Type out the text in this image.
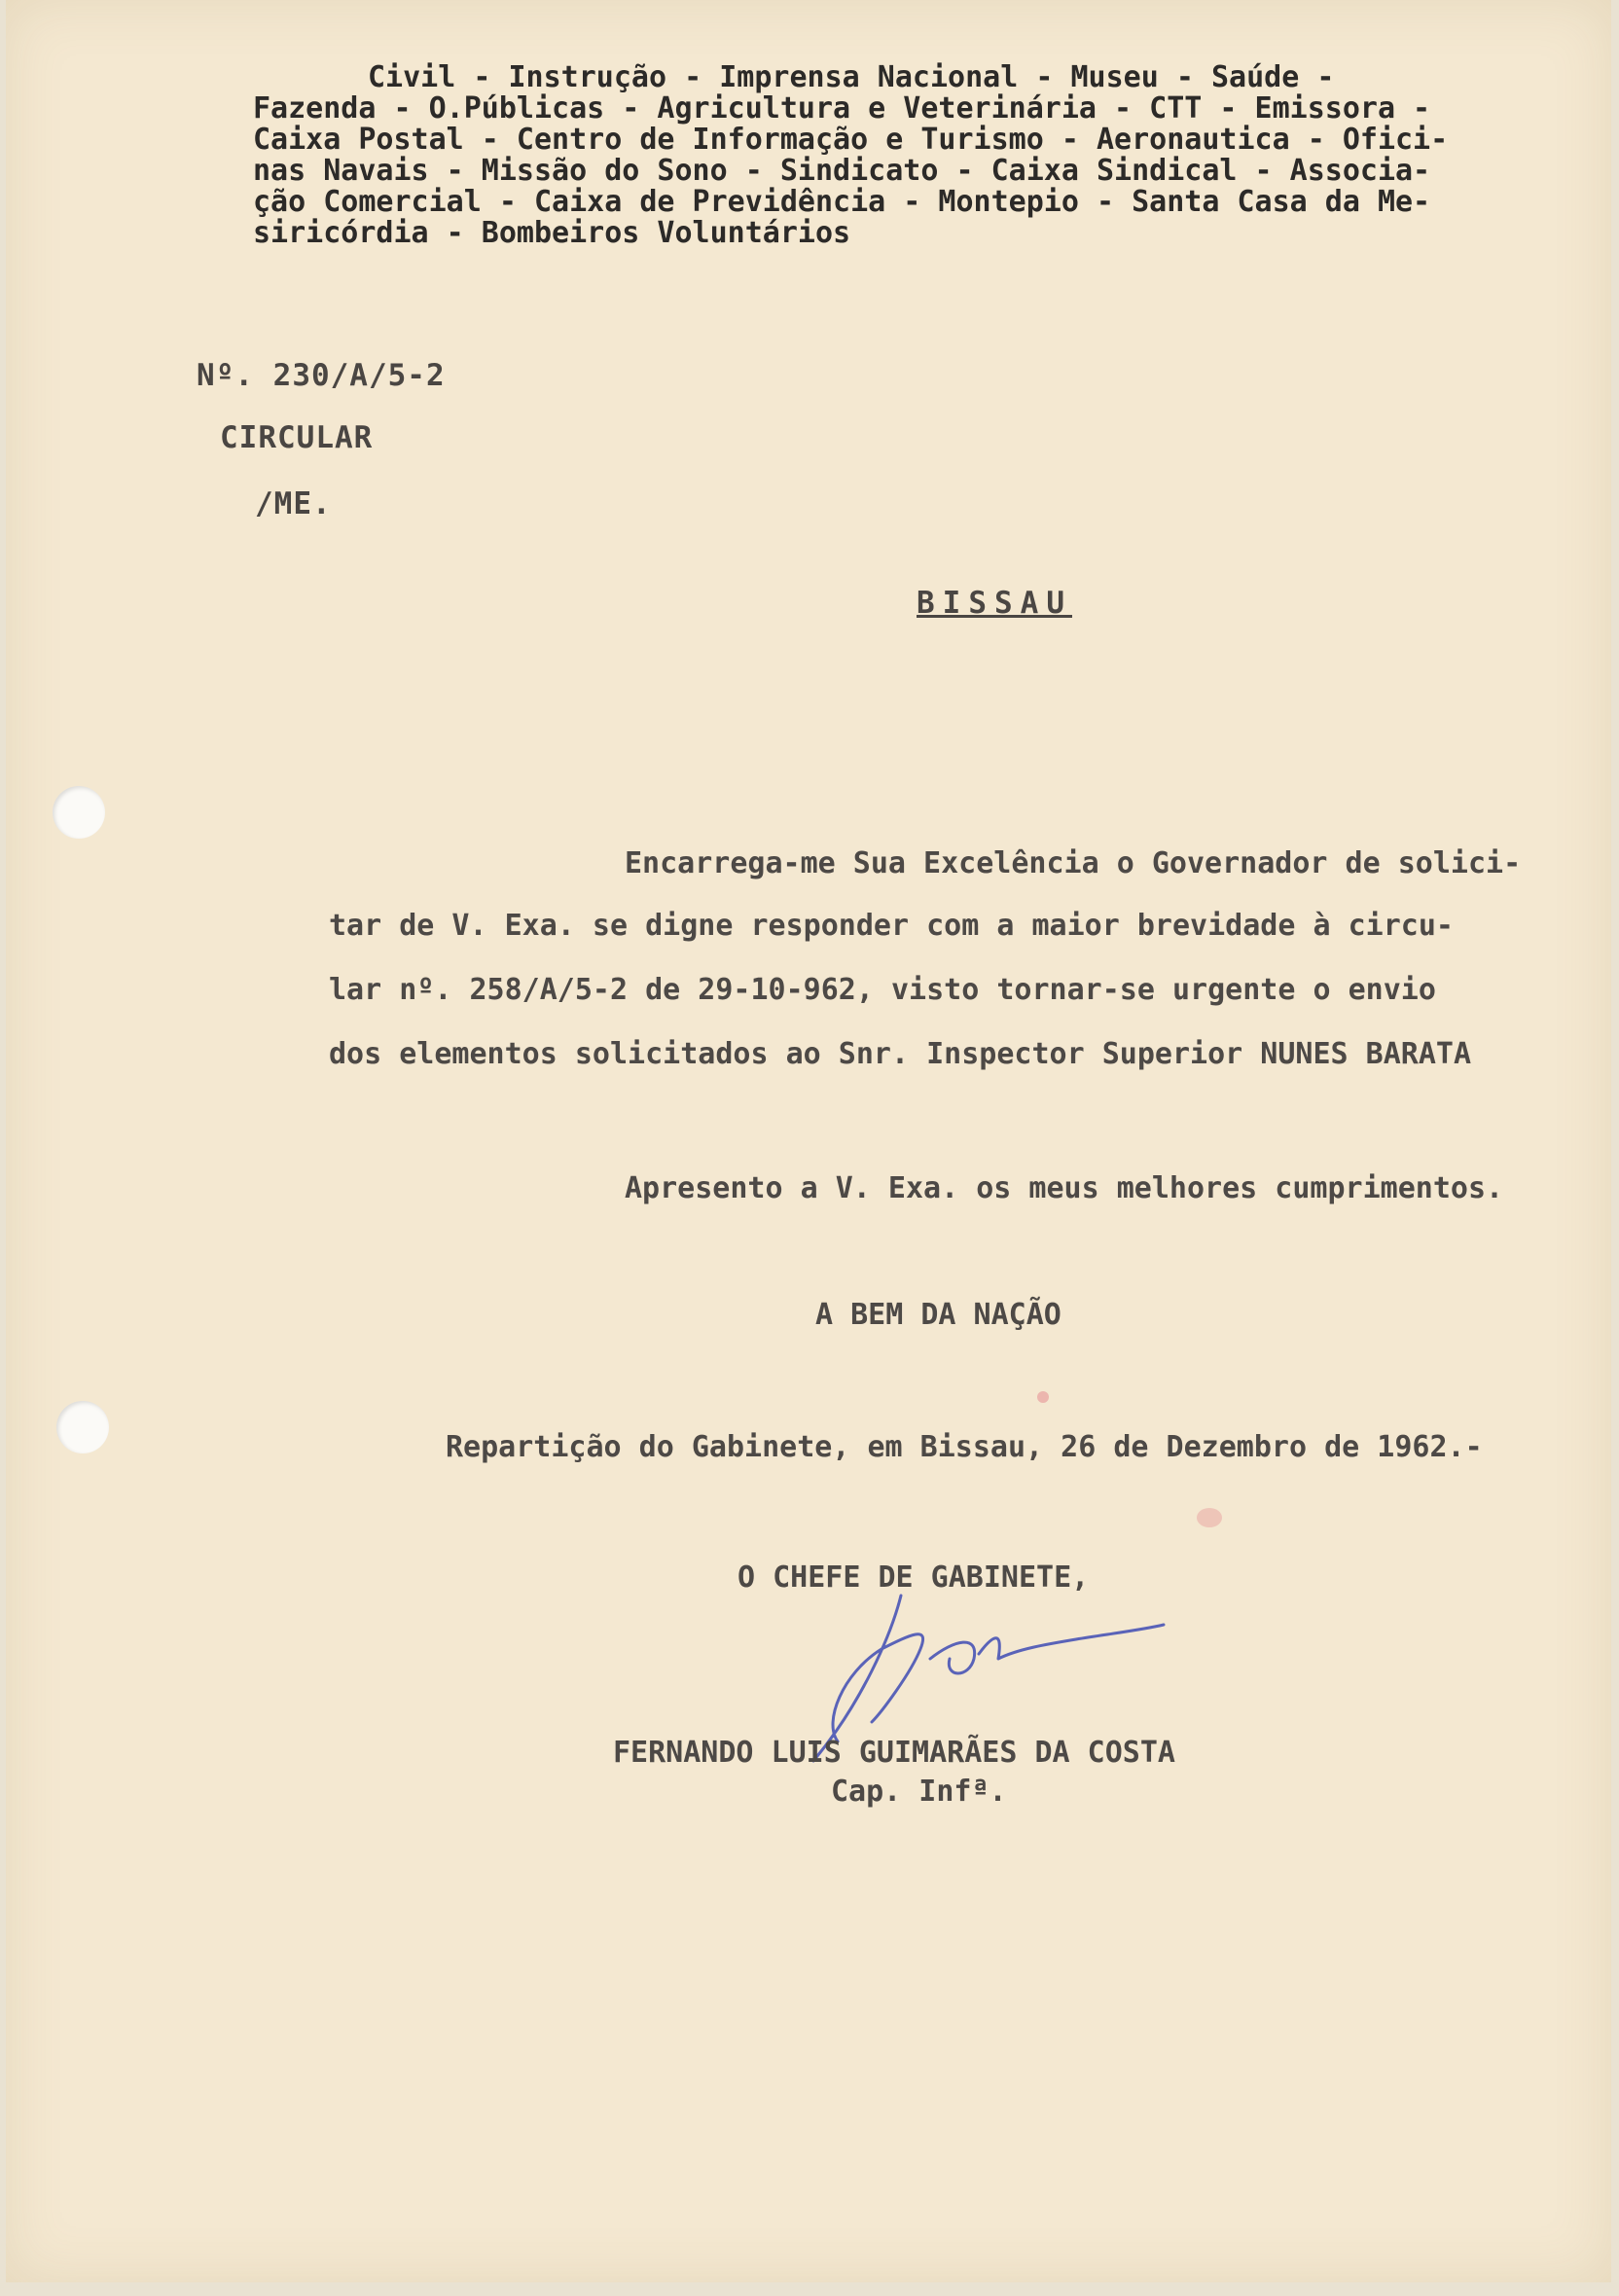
Civil - Instrução - Imprensa Nacional - Museu - Saúde -
Fazenda - O.Públicas - Agricultura e Veterinária - CTT - Emissora -
Caixa Postal - Centro de Informação e Turismo - Aeronautica - Ofici-
nas Navais - Missão do Sono - Sindicato - Caixa Sindical - Associa-
ção Comercial - Caixa de Previdência - Montepio - Santa Casa da Me-
siricórdia - Bombeiros Voluntários
Nº. 230/A/5-2
CIRCULAR
/ME.
BISSAU
Encarrega-me Sua Excelência o Governador de solici-
tar de V. Exa. se digne responder com a maior brevidade à circu-
lar nº. 258/A/5-2 de 29-10-962, visto tornar-se urgente o envio
dos elementos solicitados ao Snr. Inspector Superior NUNES BARATA
Apresento a V. Exa. os meus melhores cumprimentos.
A BEM DA NAÇÃO
Repartição do Gabinete, em Bissau, 26 de Dezembro de 1962.-
O CHEFE DE GABINETE,
FERNANDO LUIS GUIMARÃES DA COSTA
Cap. Infª.
